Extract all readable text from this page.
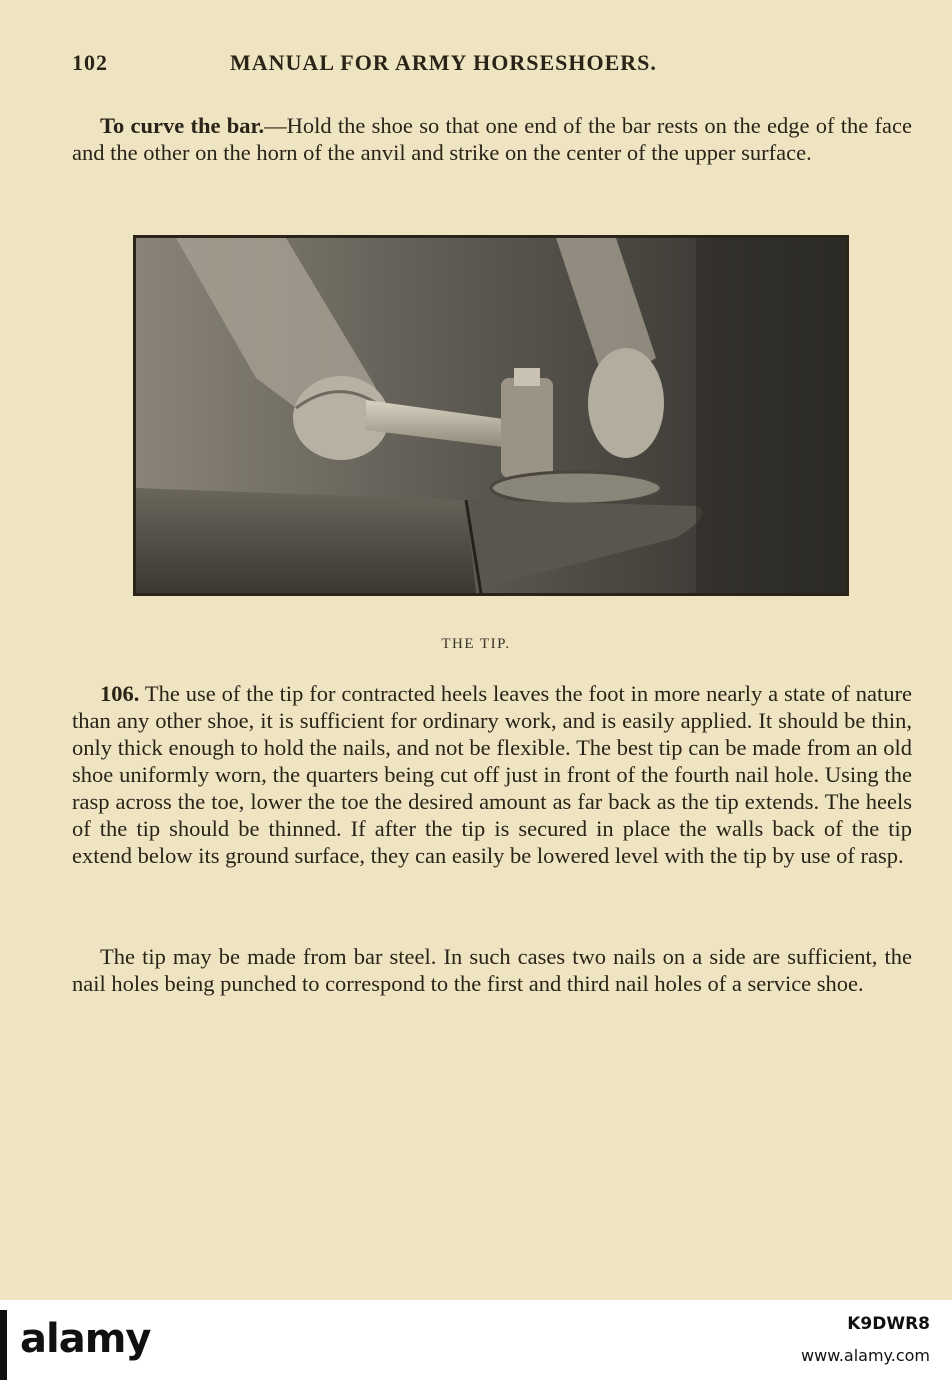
102	MANUAL FOR ARMY HORSESHOERS.

To curve the bar.—Hold the shoe so that one end of the bar rests on the edge of the face and the other on the horn of the anvil and strike on the center of the upper surface.

THE TIP.

106. The use of the tip for contracted heels leaves the foot in more nearly a state of nature than any other shoe, it is sufficient for ordinary work, and is easily applied. It should be thin, only thick enough to hold the nails, and not be flexible. The best tip can be made from an old shoe uniformly worn, the quarters being cut off just in front of the fourth nail hole. Using the rasp across the toe, lower the toe the desired amount as far back as the tip extends. The heels of the tip should be thinned. If after the tip is secured in place the walls back of the tip extend below its ground surface, they can easily be lowered level with the tip by use of rasp.

The tip may be made from bar steel. In such cases two nails on a side are sufficient, the nail holes being punched to correspond to the first and third nail holes of a service shoe.

alamy	K9DWR8
www.alamy.com
